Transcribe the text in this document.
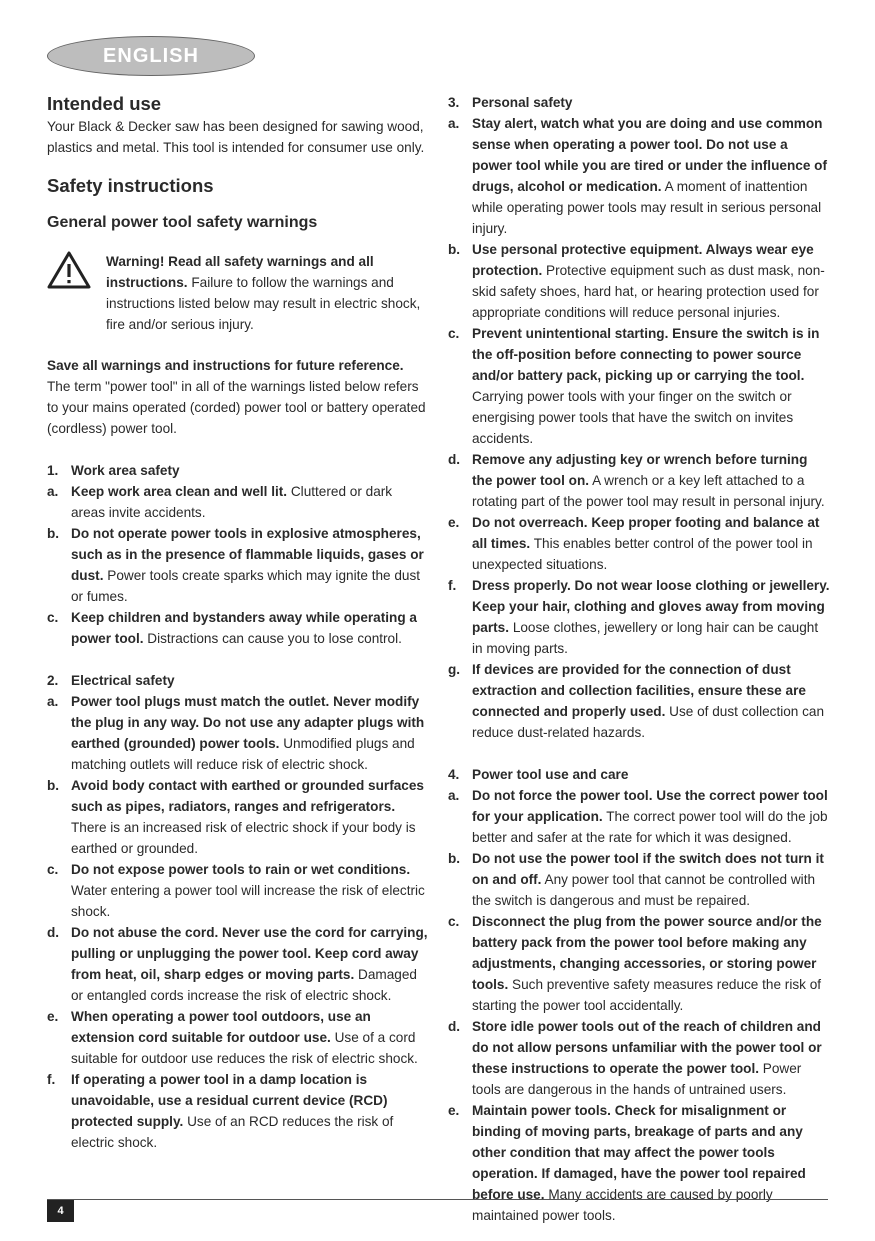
ENGLISH
Intended use

Your Black & Decker saw has been designed for sawing wood, plastics and metal. This tool is intended for consumer use only.

Safety instructions
General power tool safety warnings

Warning! Read all safety warnings and all instructions. Failure to follow the warnings and instructions listed below may result in electric shock, fire and/or serious injury.

Save all warnings and instructions for future reference.

The term "power tool" in all of the warnings listed below refers to your mains operated (corded) power tool or battery operated (cordless) power tool.

1. Work area safety
a. Keep work area clean and well lit. Cluttered or dark areas invite accidents.
b. Do not operate power tools in explosive atmospheres, such as in the presence of flammable liquids, gases or dust. Power tools create sparks which may ignite the dust or fumes.
c. Keep children and bystanders away while operating a power tool. Distractions can cause you to lose control.
2. Electrical safety
a. Power tool plugs must match the outlet. Never modify the plug in any way. Do not use any adapter plugs with earthed (grounded) power tools. Unmodified plugs and matching outlets will reduce risk of electric shock.
b. Avoid body contact with earthed or grounded surfaces such as pipes, radiators, ranges and refrigerators. There is an increased risk of electric shock if your body is earthed or grounded.
c. Do not expose power tools to rain or wet conditions. Water entering a power tool will increase the risk of electric shock.
d. Do not abuse the cord. Never use the cord for carrying, pulling or unplugging the power tool. Keep cord away from heat, oil, sharp edges or moving parts. Damaged or entangled cords increase the risk of electric shock.
e. When operating a power tool outdoors, use an extension cord suitable for outdoor use. Use of a cord suitable for outdoor use reduces the risk of electric shock.
f. If operating a power tool in a damp location is unavoidable, use a residual current device (RCD) protected supply. Use of an RCD reduces the risk of electric shock.
3. Personal safety
a. Stay alert, watch what you are doing and use common sense when operating a power tool. Do not use a power tool while you are tired or under the influence of drugs, alcohol or medication. A moment of inattention while operating power tools may result in serious personal injury.
b. Use personal protective equipment. Always wear eye protection. Protective equipment such as dust mask, non-skid safety shoes, hard hat, or hearing protection used for appropriate conditions will reduce personal injuries.
c. Prevent unintentional starting. Ensure the switch is in the off-position before connecting to power source and/or battery pack, picking up or carrying the tool. Carrying power tools with your finger on the switch or energising power tools that have the switch on invites accidents.
d. Remove any adjusting key or wrench before turning the power tool on. A wrench or a key left attached to a rotating part of the power tool may result in personal injury.
e. Do not overreach. Keep proper footing and balance at all times. This enables better control of the power tool in unexpected situations.
f. Dress properly. Do not wear loose clothing or jewellery. Keep your hair, clothing and gloves away from moving parts. Loose clothes, jewellery or long hair can be caught in moving parts.
g. If devices are provided for the connection of dust extraction and collection facilities, ensure these are connected and properly used. Use of dust collection can reduce dust-related hazards.
4. Power tool use and care
a. Do not force the power tool. Use the correct power tool for your application. The correct power tool will do the job better and safer at the rate for which it was designed.
b. Do not use the power tool if the switch does not turn it on and off. Any power tool that cannot be controlled with the switch is dangerous and must be repaired.
c. Disconnect the plug from the power source and/or the battery pack from the power tool before making any adjustments, changing accessories, or storing power tools. Such preventive safety measures reduce the risk of starting the power tool accidentally.
d. Store idle power tools out of the reach of children and do not allow persons unfamiliar with the power tool or these instructions to operate the power tool. Power tools are dangerous in the hands of untrained users.
e. Maintain power tools. Check for misalignment or binding of moving parts, breakage of parts and any other condition that may affect the power tools operation. If damaged, have the power tool repaired before use. Many accidents are caused by poorly maintained power tools.
4
